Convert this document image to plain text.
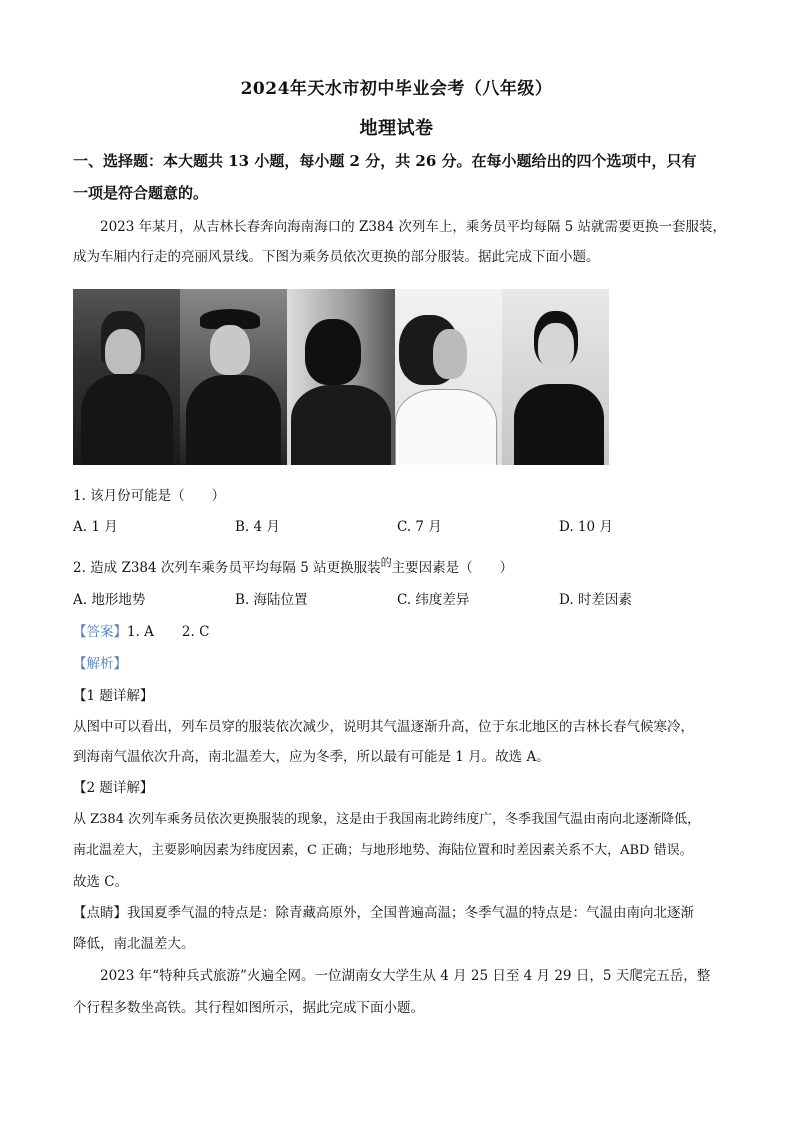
2024年天水市初中毕业会考（八年级）
地理试卷
一、选择题：本大题共 13 小题，每小题 2 分，共 26 分。在每小题给出的四个选项中，只有
一项是符合题意的。
2023 年某月，从吉林长春奔向海南海口的 Z384 次列车上，乘务员平均每隔 5 站就需要更换一套服装，
成为车厢内行走的亮丽风景线。下图为乘务员依次更换的部分服装。据此完成下面小题。
1. 该月份可能是（　　）
A. 1 月	B. 4 月	C. 7 月	D. 10 月
2. 造成 Z384 次列车乘务员平均每隔 5 站更换服装$^的$主要因素是（　　）
A. 地形地势	B. 海陆位置	C. 纬度差异	D. 时差因素
【答案】1. A 2. C
【解析】
【1 题详解】
从图中可以看出，列车员穿的服装依次减少，说明其气温逐渐升高，位于东北地区的吉林长春气候寒冷，
到海南气温依次升高，南北温差大，应为冬季，所以最有可能是 1 月。故选 A。
【2 题详解】
从 Z384 次列车乘务员依次更换服装的现象，这是由于我国南北跨纬度广，冬季我国气温由南向北逐渐降低，
南北温差大，主要影响因素为纬度因素，C 正确；与地形地势、海陆位置和时差因素关系不大，ABD 错误。
故选 C。
【点睛】我国夏季气温的特点是：除青藏高原外，全国普遍高温；冬季气温的特点是：气温由南向北逐渐
降低，南北温差大。
2023 年“特种兵式旅游”火遍全网。一位湖南女大学生从 4 月 25 日至 4 月 29 日，5 天爬完五岳，整
个行程多数坐高铁。其行程如图所示，据此完成下面小题。
